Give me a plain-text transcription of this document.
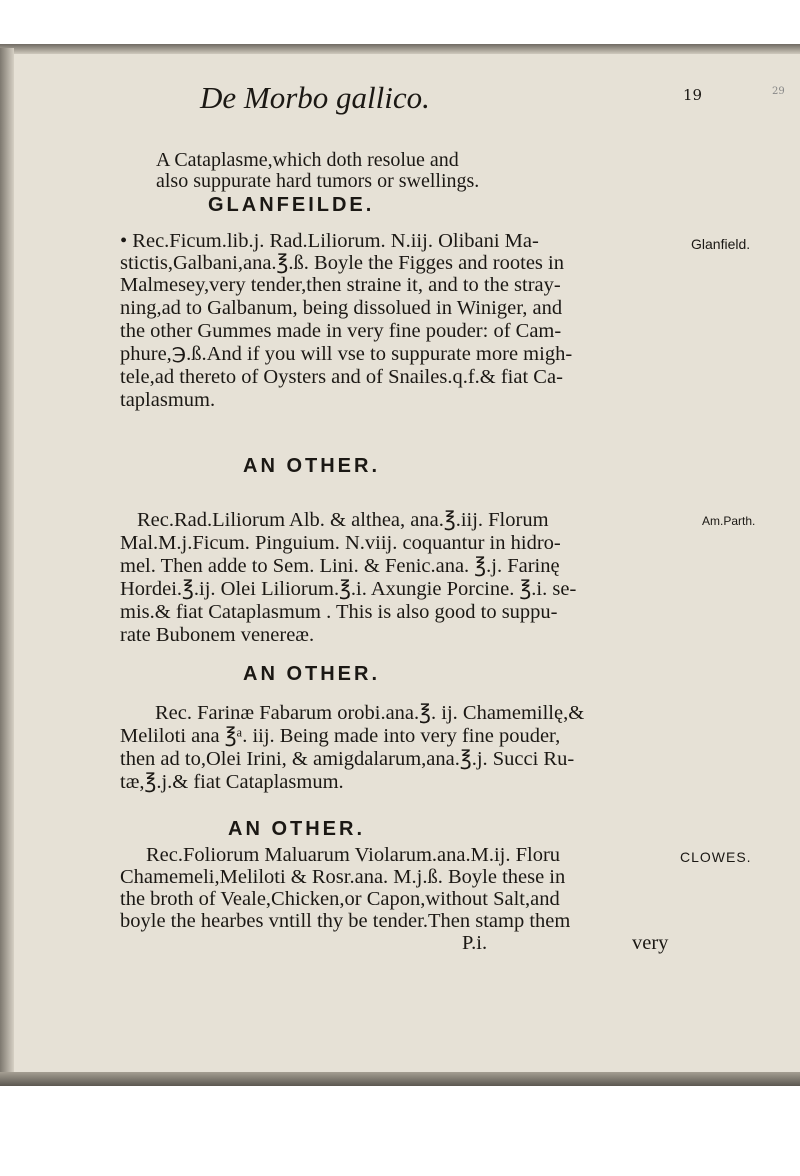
De Morbo gallico.	19	29
A Cataplasme,which doth resolue and
also suppurate hard tumors or swellings.
GLANFEILDE.
• Rec.Ficum.lib.j. Rad.Liliorum. N.iij. Olibani Ma-
stictis,Galbani,ana.℥.ß. Boyle the Figges and rootes in
Malmesey,very tender,then straine it, and to the stray-
ning,ad to Galbanum, being dissolued in Winiger, and
the other Gummes made in very fine pouder: of Cam-
phure,℈.ß.And if you will vse to suppurate more migh-
tele,ad thereto of Oysters and of Snailes.q.f.& fiat Ca-
taplasmum.
AN OTHER.
Rec.Rad.Liliorum Alb. & althea, ana.℥.iij. Florum
Mal.M.j.Ficum. Pinguium. N.viij. coquantur in hidro-
mel. Then adde to Sem. Lini. & Fenic.ana. ℥.j. Farinę
Hordei.℥.ij. Olei Liliorum.℥.i. Axungie Porcine. ℥.i. se-
mis.& fiat Cataplasmum . This is also good to suppu-
rate Bubonem venereæ.
AN OTHER.
Rec. Farinæ Fabarum orobi.ana.℥. ij. Chamemillę,&
Meliloti ana ℥ᵃ. iij. Being made into very fine pouder,
then ad to,Olei Irini, & amigdalarum,ana.℥.j. Succi Ru-
tæ,℥.j.& fiat Cataplasmum.
AN OTHER.
Rec.Foliorum Maluarum Violarum.ana.M.ij. Floru
Chamemeli,Meliloti & Rosr.ana. M.j.ß. Boyle these in
the broth of Veale,Chicken,or Capon,without Salt,and
boyle the hearbes vntill thy be tender.Then stamp them
P.i.	very
Glanfield.
Am.Parth.
CLOWES.
